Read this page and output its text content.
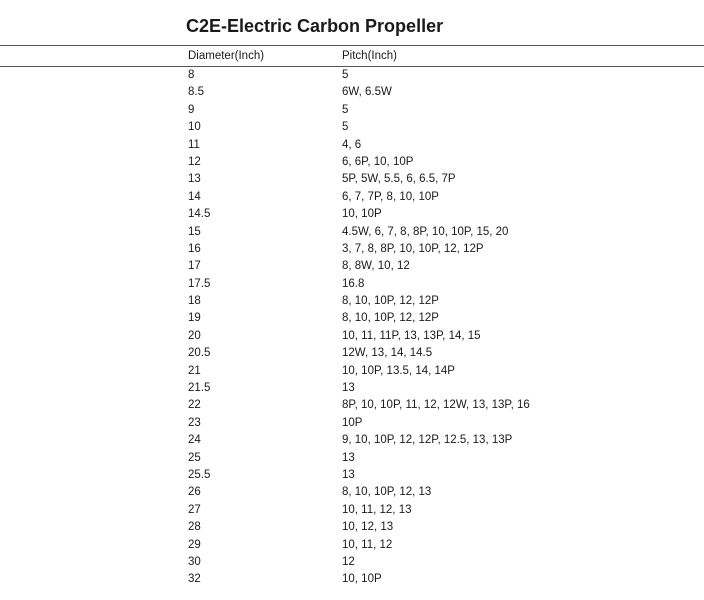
C2E-Electric Carbon Propeller
Diameter(Inch)	Pitch(Inch)
8	5
8.5	6W, 6.5W
9	5
10	5
11	4, 6
12	6, 6P, 10, 10P
13	5P, 5W, 5.5, 6, 6.5, 7P
14	6, 7, 7P, 8, 10, 10P
14.5	10, 10P
15	4.5W, 6, 7, 8, 8P, 10, 10P, 15, 20
16	3, 7, 8, 8P, 10, 10P, 12, 12P
17	8, 8W, 10, 12
17.5	16.8
18	8, 10, 10P, 12, 12P
19	8, 10, 10P, 12, 12P
20	10, 11, 11P, 13, 13P, 14, 15
20.5	12W, 13, 14, 14.5
21	10, 10P, 13.5, 14, 14P
21.5	13
22	8P, 10, 10P, 11, 12, 12W, 13, 13P, 16
23	10P
24	9, 10, 10P, 12, 12P, 12.5, 13, 13P
25	13
25.5	13
26	8, 10, 10P, 12, 13
27	10, 11, 12, 13
28	10, 12, 13
29	10, 11, 12
30	12
32	10, 10P
